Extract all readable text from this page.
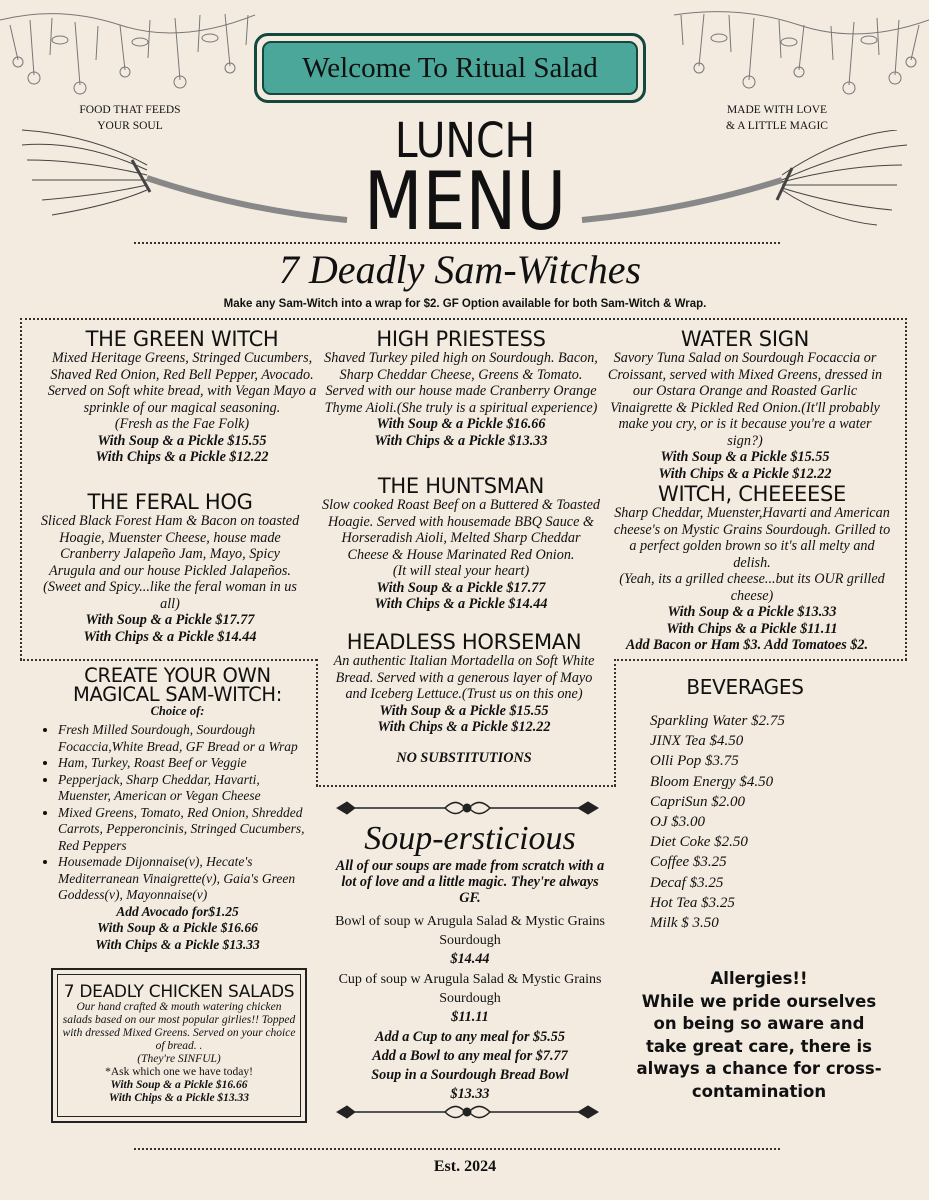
Welcome To Ritual Salad
FOOD THAT FEEDS
YOUR SOUL
MADE WITH LOVE
& A LITTLE MAGIC
LUNCH
MENU
7 Deadly Sam-Witches
Make any Sam-Witch into a wrap for $2. GF Option available for both Sam-Witch & Wrap.
THE GREEN WITCH
Mixed Heritage Greens, Stringed Cucumbers, Shaved Red Onion, Red Bell Pepper, Avocado. Served on Soft white bread, with Vegan Mayo a sprinkle of our magical seasoning.
(Fresh as the Fae Folk)
With Soup & a Pickle $15.55
With Chips & a Pickle $12.22
THE FERAL HOG
Sliced Black Forest Ham & Bacon on toasted Hoagie, Muenster Cheese, house made Cranberry Jalapeño Jam, Mayo, Spicy Arugula and our house Pickled Jalapeños.(Sweet and Spicy...like the feral woman in us all)
With Soup & a Pickle $17.77
With Chips & a Pickle $14.44
HIGH PRIESTESS
Shaved Turkey piled high on Sourdough. Bacon, Sharp Cheddar Cheese, Greens & Tomato. Served with our house made Cranberry Orange Thyme Aioli.(She truly is a spiritual experience)
With Soup & a Pickle $16.66
With Chips & a Pickle $13.33
THE HUNTSMAN
Slow cooked Roast Beef on a Buttered & Toasted Hoagie. Served with housemade BBQ Sauce & Horseradish Aioli, Melted Sharp Cheddar Cheese & House Marinated Red Onion.
(It will steal your heart)
With Soup & a Pickle $17.77
With Chips & a Pickle $14.44
HEADLESS HORSEMAN
An authentic Italian Mortadella on Soft White Bread. Served with a generous layer of Mayo and Iceberg Lettuce.(Trust us on this one)
With Soup & a Pickle $15.55
With Chips & a Pickle $12.22
NO SUBSTITUTIONS
WATER SIGN
Savory Tuna Salad on Sourdough Focaccia or Croissant, served with Mixed Greens, dressed in our Ostara Orange and Roasted Garlic Vinaigrette & Pickled Red Onion.(It'll probably make you cry, or is it because you're a water sign?)
With Soup & a Pickle $15.55
With Chips & a Pickle $12.22
WITCH, CHEEEESE
Sharp Cheddar, Muenster,Havarti and American cheese's on Mystic Grains Sourdough. Grilled to a perfect golden brown so it's all melty and delish.
(Yeah, its a grilled cheese...but its OUR grilled cheese)
With Soup & a Pickle $13.33
With Chips & a Pickle $11.11
Add Bacon or Ham $3. Add Tomatoes $2.
CREATE YOUR OWN
MAGICAL SAM-WITCH:
Choice of:
• Fresh Milled Sourdough, Sourdough Focaccia,White Bread, GF Bread or a Wrap
• Ham, Turkey, Roast Beef or Veggie
• Pepperjack, Sharp Cheddar, Havarti, Muenster, American or Vegan Cheese
• Mixed Greens, Tomato, Red Onion, Shredded Carrots, Pepperoncinis, Stringed Cucumbers, Red Peppers
• Housemade Dijonnaise(v), Hecate's Mediterranean Vinaigrette(v), Gaia's Green Goddess(v), Mayonnaise(v)
Add Avocado for$1.25
With Soup & a Pickle $16.66
With Chips & a Pickle $13.33
7 DEADLY CHICKEN SALADS
Our hand crafted & mouth watering chicken salads based on our most popular girlies!! Topped with dressed Mixed Greens. Served on your choice of bread. .
(They're SINFUL)
*Ask which one we have today!
With Soup & a Pickle $16.66
With Chips & a Pickle $13.33
Soup-ersticious
All of our soups are made from scratch with a lot of love and a little magic. They're always GF.
Bowl of soup w Arugula Salad & Mystic Grains Sourdough
$14.44
Cup of soup w Arugula Salad & Mystic Grains Sourdough
$11.11
Add a Cup to any meal for $5.55
Add a Bowl to any meal for $7.77
Soup in a Sourdough Bread Bowl
$13.33
BEVERAGES
Sparkling Water $2.75
JINX Tea $4.50
Olli Pop $3.75
Bloom Energy $4.50
CapriSun $2.00
OJ $3.00
Diet Coke $2.50
Coffee $3.25
Decaf $3.25
Hot Tea $3.25
Milk $ 3.50
Allergies!!
While we pride ourselves on being so aware and take great care, there is always a chance for cross-contamination
Est. 2024
